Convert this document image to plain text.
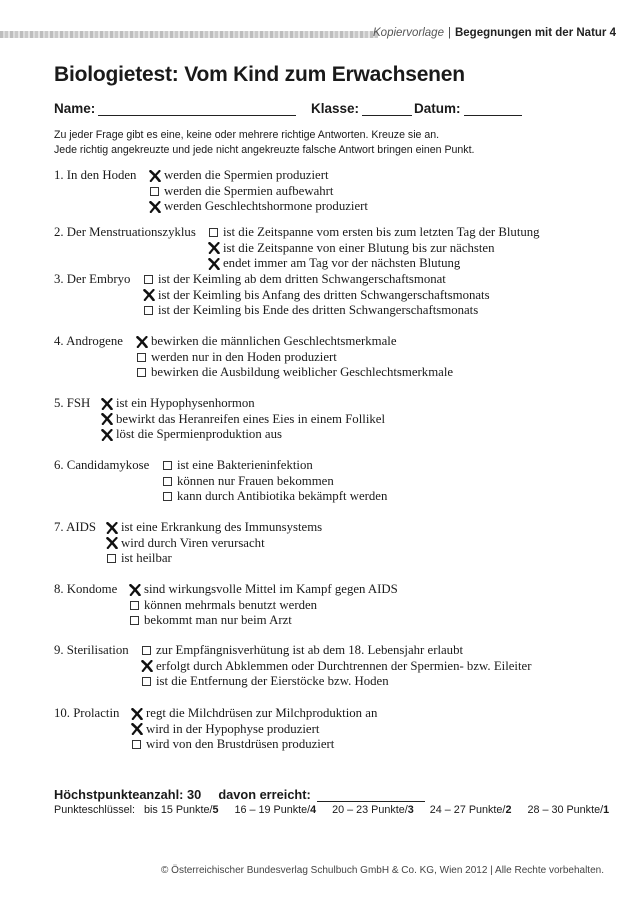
Kopiervorlage | Begegnungen mit der Natur 4
Biologietest: Vom Kind zum Erwachsenen
Name:	Klasse:	Datum:

Zu jeder Frage gibt es eine, keine oder mehrere richtige Antworten. Kreuze sie an.

Jede richtig angekreuzte und jede nicht angekreuzte falsche Antwort bringen einen Punkt.

1. In den Hoden werden die Spermien produziert
werden die Spermien aufbewahrt
werden Geschlechtshormone produziert
2. Der Menstruationszyklus ist die Zeitspanne vom ersten bis zum letzten Tag der Blutung
ist die Zeitspanne von einer Blutung bis zur nächsten
endet immer am Tag vor der nächsten Blutung
3. Der Embryo ist der Keimling ab dem dritten Schwangerschaftsmonat
ist der Keimling bis Anfang des dritten Schwangerschaftsmonats
ist der Keimling bis Ende des dritten Schwangerschaftsmonats
4. Androgene bewirken die männlichen Geschlechtsmerkmale
werden nur in den Hoden produziert
bewirken die Ausbildung weiblicher Geschlechtsmerkmale
5. FSH ist ein Hypophysenhormon
bewirkt das Heranreifen eines Eies in einem Follikel
löst die Spermienproduktion aus
6. Candidamykose ist eine Bakterieninfektion
können nur Frauen bekommen
kann durch Antibiotika bekämpft werden
7. AIDS ist eine Erkrankung des Immunsystems
wird durch Viren verursacht
ist heilbar
8. Kondome sind wirkungsvolle Mittel im Kampf gegen AIDS
können mehrmals benutzt werden
bekommt man nur beim Arzt
9. Sterilisation zur Empfängnisverhütung ist ab dem 18. Lebensjahr erlaubt
erfolgt durch Abklemmen oder Durchtrennen der Spermien- bzw. Eileiter
ist die Entfernung der Eierstöcke bzw. Hoden
10. Prolactin regt die Milchdrüsen zur Milchproduktion an
wird in der Hypophyse produziert
wird von den Brustdrüsen produziert
Höchstpunkteanzahl: 30 davon erreicht:
Punkteschlüssel: bis 15 Punkte/5 16 – 19 Punkte/4 20 – 23 Punkte/3 24 – 27 Punkte/2 28 – 30 Punkte/1
© Österreichischer Bundesverlag Schulbuch GmbH & Co. KG, Wien 2012 | Alle Rechte vorbehalten.
